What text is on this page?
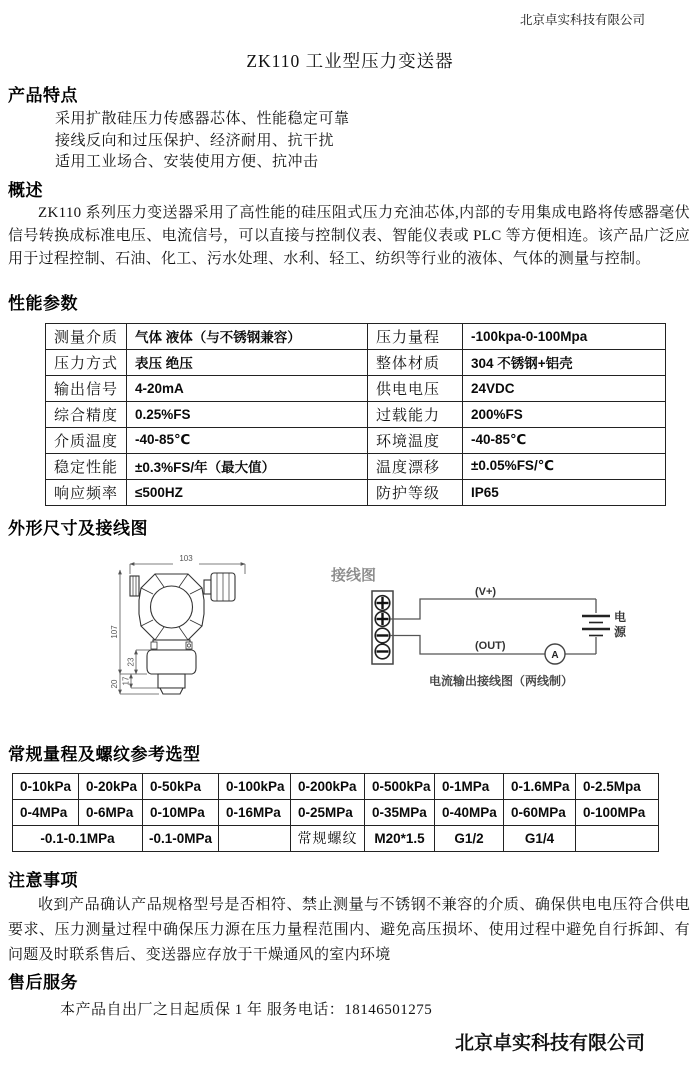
北京卓实科技有限公司
ZK110 工业型压力变送器
产品特点
采用扩散硅压力传感器芯体、性能稳定可靠
接线反向和过压保护、经济耐用、抗干扰
适用工业场合、安装使用方便、抗冲击
概述

ZK110 系列压力变送器采用了高性能的硅压阻式压力充油芯体,内部的专用集成电路将传感器毫伏信号转换成标准电压、电流信号，可以直接与控制仪表、智能仪表或 PLC 等方便相连。该产品广泛应用于过程控制、石油、化工、污水处理、水利、轻工、纺织等行业的液体、气体的测量与控制。

性能参数
测量介质	气体 液体（与不锈钢兼容）	压力量程	-100kpa-0-100Mpa
压力方式	表压 绝压	整体材质	304 不锈钢+铝壳
输出信号	4-20mA	供电电压	24VDC
综合精度	0.25%FS	过载能力	200%FS
介质温度	-40-85℃	环境温度	-40-85℃
稳定性能	±0.3%FS/年（最大值）	温度漂移	±0.05%FS/℃
响应频率	≤500HZ	防护等级	IP65
外形尺寸及接线图
103
107
23
17
20
接线图
电
源
A
(V+)
(OUT)
电流输出接线图（两线制）
常规量程及螺纹参考选型
0-10kPa	0-20kPa	0-50kPa	0-100kPa	0-200kPa	0-500kPa	0-1MPa	0-1.6MPa	0-2.5Mpa
0-4MPa	0-6MPa	0-10MPa	0-16MPa	0-25MPa	0-35MPa	0-40MPa	0-60MPa	0-100MPa
-0.1-0.1MPa		-0.1-0MPa		常规螺纹	M20*1.5	G1/2	G1/4	
注意事项

收到产品确认产品规格型号是否相符、禁止测量与不锈钢不兼容的介质、确保供电电压符合供电要求、压力测量过程中确保压力源在压力量程范围内、避免高压损坏、使用过程中避免自行拆卸、有问题及时联系售后、变送器应存放于干燥通风的室内环境

售后服务
本产品自出厂之日起质保 1 年 服务电话：18146501275
北京卓实科技有限公司
